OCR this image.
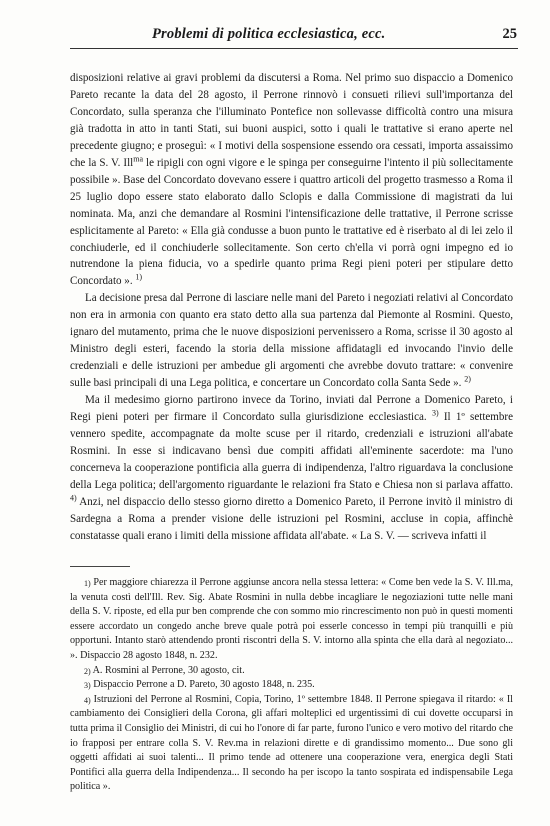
Problemi di politica ecclesiastica, ecc.	25

disposizioni relative ai gravi problemi da discutersi a Roma. Nel primo suo dispaccio a Domenico Pareto recante la data del 28 agosto, il Perrone rinnovò i consueti rilievi sull'importanza del Concordato, sulla speranza che l'illuminato Pontefice non sollevasse difficoltà contro una misura già tradotta in atto in tanti Stati, sui buoni auspici, sotto i quali le trattative si erano aperte nel precedente giugno; e proseguì: « I motivi della sospensione essendo ora cessati, importa assaissimo che la S. V. Ill$^{ma}$ le ripigli con ogni vigore e le spinga per conseguirne l'intento il più sollecitamente possibile ». Base del Concordato dovevano essere i quattro articoli del progetto trasmesso a Roma il 25 luglio dopo essere stato elaborato dallo Sclopis e dalla Commissione di magistrati da lui nominata. Ma, anzi che demandare al Rosmini l'intensificazione delle trattative, il Perrone scrisse esplicitamente al Pareto: « Ella già condusse a buon punto le trattative ed è riserbato al di lei zelo il conchiuderle, ed il conchiuderle sollecitamente. Son certo ch'ella vi porrà ogni impegno ed io nutrendone la piena fiducia, vo a spedirle quanto prima Regi pieni poteri per stipulare detto Concordato ». $^{1)}$

La decisione presa dal Perrone di lasciare nelle mani del Pareto i negoziati relativi al Concordato non era in armonia con quanto era stato detto alla sua partenza dal Piemonte al Rosmini. Questo, ignaro del mutamento, prima che le nuove disposizioni pervenissero a Roma, scrisse il 30 agosto al Ministro degli esteri, facendo la storia della missione affidatagli ed invocando l'invio delle credenziali e delle istruzioni per ambedue gli argomenti che avrebbe dovuto trattare: « convenire sulle basi principali di una Lega politica, e concertare un Concordato colla Santa Sede ». $^{2)}$

Ma il medesimo giorno partirono invece da Torino, inviati dal Perrone a Domenico Pareto, i Regi pieni poteri per firmare il Concordato sulla giurisdizione ecclesiastica. $^{3)}$ Il 1º settembre vennero spedite, accompagnate da molte scuse per il ritardo, credenziali e istruzioni all'abate Rosmini. In esse si indicavano bensì due compiti affidati all'eminente sacerdote: ma l'uno concerneva la cooperazione pontificia alla guerra di indipendenza, l'altro riguardava la conclusione della Lega politica; dell'argomento riguardante le relazioni fra Stato e Chiesa non si parlava affatto. $^{4)}$ Anzi, nel dispaccio dello stesso giorno diretto a Domenico Pareto, il Perrone invitò il ministro di Sardegna a Roma a prender visione delle istruzioni pel Rosmini, accluse in copia, affinchè constatasse quali erano i limiti della missione affidata all'abate. « La S. V. — scriveva infatti il

$^{1)}$ Per maggiore chiarezza il Perrone aggiunse ancora nella stessa lettera: « Come ben vede la S. V. Ill.ma, la venuta costì dell'Ill. Rev. Sig. Abate Rosmini in nulla debbe incagliare le negoziazioni tutte nelle mani della S. V. riposte, ed ella pur ben comprende che con sommo mio rincrescimento non può in questi momenti essere accordato un congedo anche breve quale potrà poi esserle concesso in tempi più tranquilli e più opportuni. Intanto starò attendendo pronti riscontri della S. V. intorno alla spinta che ella darà al negoziato... ». Dispaccio 28 agosto 1848, n. 232.

$^{2)}$ A. Rosmini al Perrone, 30 agosto, cit.

$^{3)}$ Dispaccio Perrone a D. Pareto, 30 agosto 1848, n. 235.

$^{4)}$ Istruzioni del Perrone al Rosmini, Copia, Torino, 1º settembre 1848. Il Perrone spiegava il ritardo: « Il cambiamento dei Consiglieri della Corona, gli affari molteplici ed urgentissimi di cui dovette occuparsi in tutta prima il Consiglio dei Ministri, di cui ho l'onore di far parte, furono l'unico e vero motivo del ritardo che io frapposi per entrare colla S. V. Rev.ma in relazioni dirette e di grandissimo momento... Due sono gli oggetti affidati ai suoi talenti... Il primo tende ad ottenere una cooperazione vera, energica degli Stati Pontifici alla guerra della Indipendenza... Il secondo ha per iscopo la tanto sospirata ed indispensabile Lega politica ».
